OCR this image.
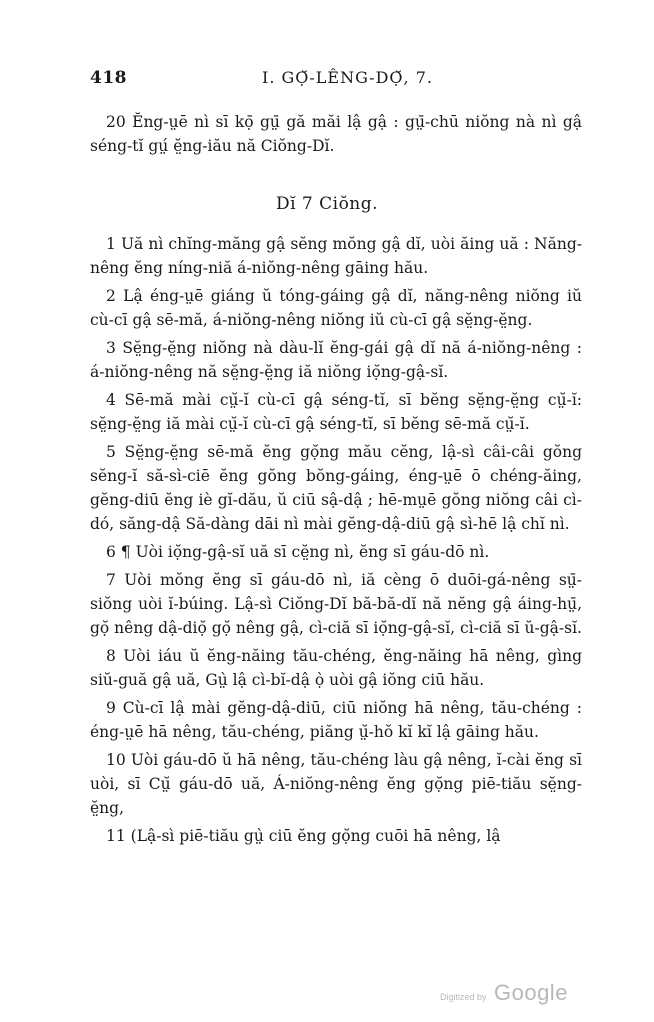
418	I. GỌ̆-LÊNG-DỌ̆, 7.

20 Ĕng-ṳē nì sī kọ̄ gṳ̄ gă măi lậ gậ : gṳ̄-chū niŏng nà nì gậ séng-tĭ gṳ́ ĕ̤ng-iău nă Ciŏng-Dĭ.

Dĭ 7 Ciŏng.

1 Uă nì chĭng-măng gậ sĕng mŏng gậ dĭ, uòi ăing uă : Năng-nêng ĕng níng-niă á-niŏng-nêng gāing hău.

2 Lậ éng-ṳē giáng ŭ tóng-gáing gậ dĭ, năng-nêng niŏng iŭ cù-cī gậ sē-mă, á-niŏng-nêng niŏng iŭ cù-cī gậ sĕ̤ng-ĕ̤ng.

3 Sĕ̤ng-ĕ̤ng niŏng nà dàu-lĭ ĕng-gái gậ dĭ nă á-niŏng-nêng : á-niŏng-nêng nă sĕ̤ng-ĕ̤ng iă niŏng iọ̆ng-gậ-sĭ.

4 Sē-mă mài cṳ̆-ĭ cù-cī gậ séng-tĭ, sī bĕng sĕ̤ng-ĕ̤ng cṳ̆-ĭ: sĕ̤ng-ĕ̤ng iă mài cṳ̆-ĭ cù-cī gậ séng-tĭ, sī bĕng sē-mă cṳ̆-ĭ.

5 Sĕ̤ng-ĕ̤ng sē-mă ĕng gọ̆ng mău cĕng, lậ-sì câi-câi gŏng sĕng-ĭ să-sì-ciē ĕng gŏng bŏng-gáing, éng-ṳē ō chéng-ăing, gĕng-diū ĕng iè gĭ-dău, ŭ ciū sậ-dậ ; hē-mṳē gŏng niŏng câi cì-dó, săng-dậ Să-dàng dāi nì mài gĕng-dậ-diū gậ sì-hē lậ chĭ nì.

6 ¶ Uòi iọ̆ng-gậ-sĭ uă sī cĕ̤ng nì, ĕng sī gáu-dō nì.

7 Uòi mŏng ĕng sī gáu-dō nì, iă cèng ō duōi-gá-nêng sṳ̄-siŏng uòi ĭ-búing. Lậ-sì Ciŏng-Dĭ bă-bă-dĭ nă nĕng gậ áing-hṳ̄, gọ̆ nêng dậ-diọ̆ gọ̆ nêng gậ, cì-ciă sī iọ̆ng-gậ-sĭ, cì-ciă sī ŭ-gậ-sĭ.

8 Uòi iáu ŭ ĕng-năing tău-chéng, ĕng-năing hā nêng, gìng siŭ-guă gậ uă, Gṳ̀ lậ cì-bĭ-dậ ọ̀ uòi gậ iŏng ciū hău.

9 Cù-cī lậ mài gĕng-dậ-diū, ciū niŏng hā nêng, tău-chéng : éng-ṳē hā nêng, tău-chéng, piăng ṳ̆-hŏ kĭ kĭ lậ gāing hău.

10 Uòi gáu-dō ŭ hā nêng, tău-chéng làu gậ nêng, ĭ-cài ĕng sī uòi, sī Cṳ̆ gáu-dō uă, Á-niŏng-nêng ĕng gọ̆ng piē-tiău sĕ̤ng-ĕ̤ng,

11 (Lậ-sì piē-tiău gṳ̀ ciū ĕng gọ̆ng cuōi hā nêng, lậ

Digitized by Google
